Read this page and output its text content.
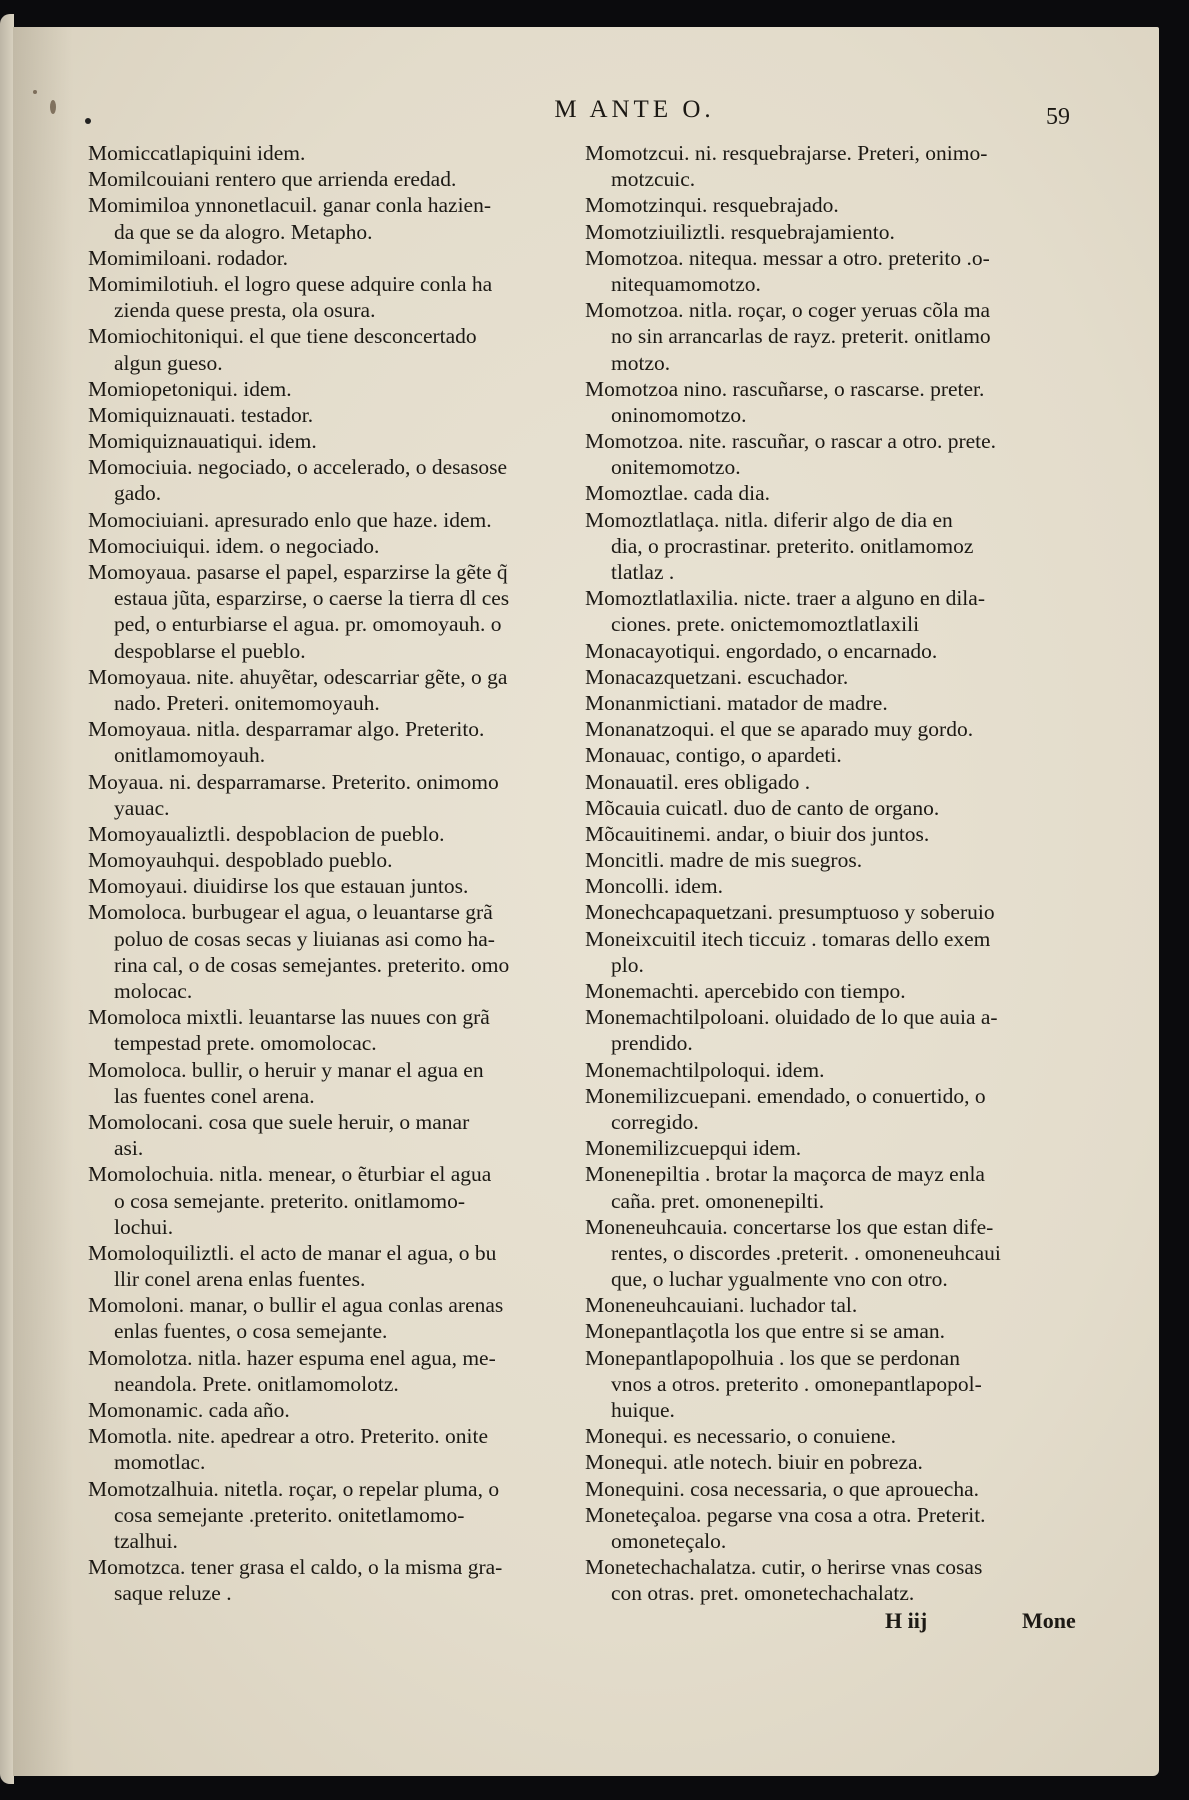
M ANTE O.	59
Momiccatlapiquini idem.
Momilcouiani rentero que arrienda eredad.
Momimiloa ynnonetlacuil. ganar conla hazien-
da que se da alogro. Metapho.
Momimiloani. rodador.
Momimilotiuh. el logro quese adquire conla ha
zienda quese presta, ola osura.
Momiochitoniqui. el que tiene desconcertado
algun gueso.
Momiopetoniqui. idem.
Momiquiznauati. testador.
Momiquiznauatiqui. idem.
Momociuia. negociado, o accelerado, o desasose
gado.
Momociuiani. apresurado enlo que haze. idem.
Momociuiqui. idem. o negociado.
Momoyaua. pasarse el papel, esparzirse la gẽte q̃
estaua jũta, esparzirse, o caerse la tierra dl ces
ped, o enturbiarse el agua. pr. omomoyauh. o
despoblarse el pueblo.
Momoyaua. nite. ahuyẽtar, odescarriar gẽte, o ga
nado. Preteri. onitemomoyauh.
Momoyaua. nitla. desparramar algo. Preterito.
onitlamomoyauh.
Moyaua. ni. desparramarse. Preterito. onimomo
yauac.
Momoyaualiztli. despoblacion de pueblo.
Momoyauhqui. despoblado pueblo.
Momoyaui. diuidirse los que estauan juntos.
Momoloca. burbugear el agua, o leuantarse grã
poluo de cosas secas y liuianas asi como ha-
rina cal, o de cosas semejantes. preterito. omo
molocac.
Momoloca mixtli. leuantarse las nuues con grã
tempestad prete. omomolocac.
Momoloca. bullir, o heruir y manar el agua en
las fuentes conel arena.
Momolocani. cosa que suele heruir, o manar
asi.
Momolochuia. nitla. menear, o ẽturbiar el agua
o cosa semejante. preterito. onitlamomo-
lochui.
Momoloquiliztli. el acto de manar el agua, o bu
llir conel arena enlas fuentes.
Momoloni. manar, o bullir el agua conlas arenas
enlas fuentes, o cosa semejante.
Momolotza. nitla. hazer espuma enel agua, me-
neandola. Prete. onitlamomolotz.
Momonamic. cada año.
Momotla. nite. apedrear a otro. Preterito. onite
momotlac.
Momotzalhuia. nitetla. roçar, o repelar pluma, o
cosa semejante .preterito. onitetlamomo-
tzalhui.
Momotzca. tener grasa el caldo, o la misma gra-
saque reluze .
Momotzcui. ni. resquebrajarse. Preteri, onimo-
motzcuic.
Momotzinqui. resquebrajado.
Momotziuiliztli. resquebrajamiento.
Momotzoa. nitequa. messar a otro. preterito .o-
nitequamomotzo.
Momotzoa. nitla. roçar, o coger yeruas cõla ma
no sin arrancarlas de rayz. preterit. onitlamo
motzo.
Momotzoa nino. rascuñarse, o rascarse. preter.
oninomomotzo.
Momotzoa. nite. rascuñar, o rascar a otro. prete.
onitemomotzo.
Momoztlae. cada dia.
Momoztlatlaça. nitla. diferir algo de dia en
dia, o procrastinar. preterito. onitlamomoz
tlatlaz .
Momoztlatlaxilia. nicte. traer a alguno en dila-
ciones. prete. onictemomoztlatlaxili
Monacayotiqui. engordado, o encarnado.
Monacazquetzani. escuchador.
Monanmictiani. matador de madre.
Monanatzoqui. el que se aparado muy gordo.
Monauac, contigo, o apardeti.
Monauatil. eres obligado .
Mõcauia cuicatl. duo de canto de organo.
Mõcauitinemi. andar, o biuir dos juntos.
Moncitli. madre de mis suegros.
Moncolli. idem.
Monechcapaquetzani. presumptuoso y soberuio
Moneixcuitil itech ticcuiz . tomaras dello exem
plo.
Monemachti. apercebido con tiempo.
Monemachtilpoloani. oluidado de lo que auia a-
prendido.
Monemachtilpoloqui. idem.
Monemilizcuepani. emendado, o conuertido, o
corregido.
Monemilizcuepqui idem.
Monenepiltia . brotar la maçorca de mayz enla
caña. pret. omonenepilti.
Moneneuhcauia. concertarse los que estan dife-
rentes, o discordes .preterit. . omoneneuhcaui
que, o luchar ygualmente vno con otro.
Moneneuhcauiani. luchador tal.
Monepantlaçotla los que entre si se aman.
Monepantlapopolhuia . los que se perdonan
vnos a otros. preterito . omonepantlapopol-
huique.
Monequi. es necessario, o conuiene.
Monequi. atle notech. biuir en pobreza.
Monequini. cosa necessaria, o que aprouecha.
Moneteçaloa. pegarse vna cosa a otra. Preterit.
omoneteçalo.
Monetechachalatza. cutir, o herirse vnas cosas
con otras. pret. omonetechachalatz.
H iij	Mone
